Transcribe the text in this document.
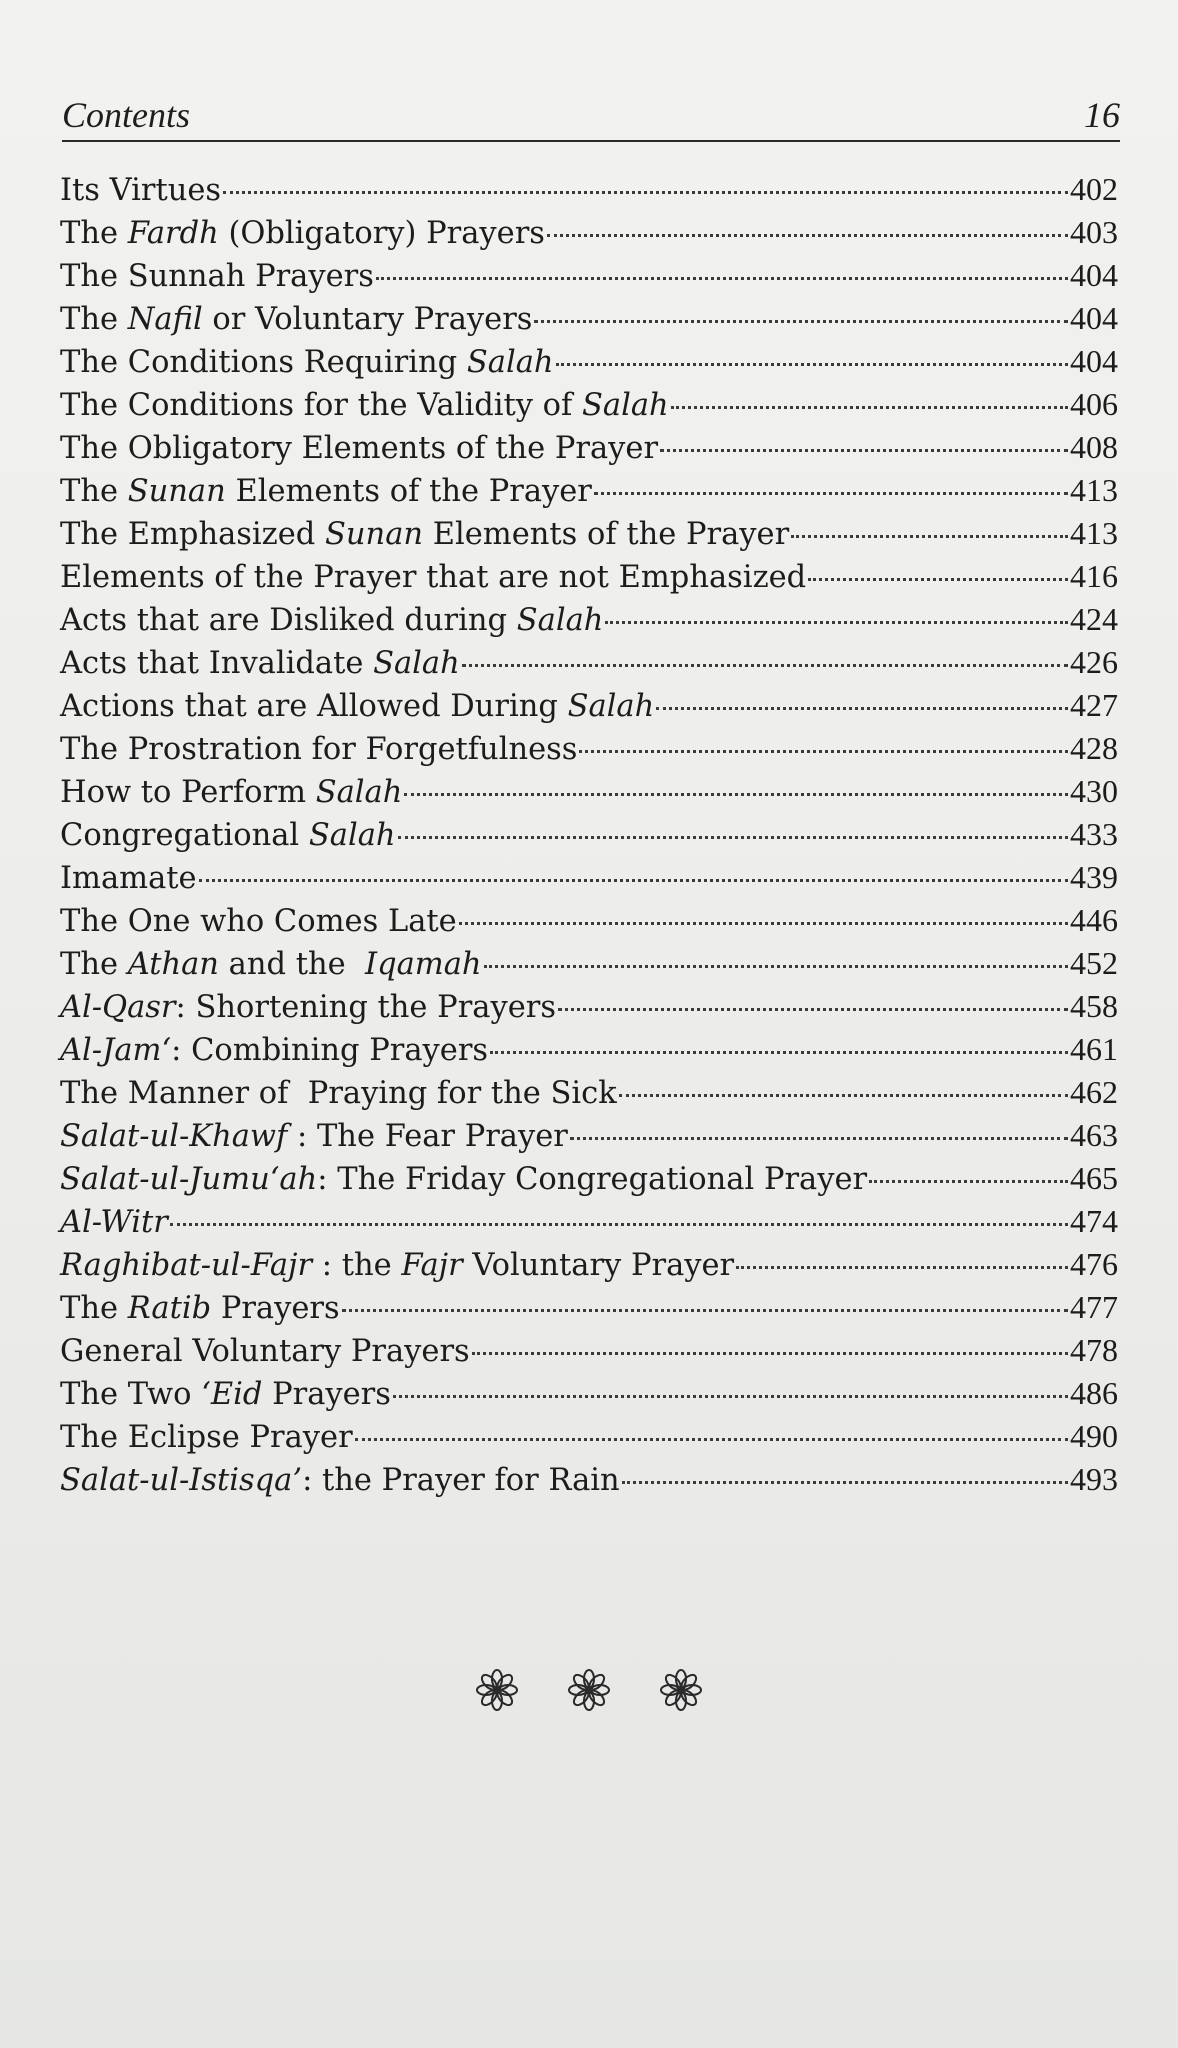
Contents	16
Its Virtues	402
The Fardh (Obligatory) Prayers	403
The Sunnah Prayers	404
The Nafil or Voluntary Prayers	404
The Conditions Requiring Salah	404
The Conditions for the Validity of Salah	406
The Obligatory Elements of the Prayer	408
The Sunan Elements of the Prayer	413
The Emphasized Sunan Elements of the Prayer	413
Elements of the Prayer that are not Emphasized	416
Acts that are Disliked during Salah	424
Acts that Invalidate Salah	426
Actions that are Allowed During Salah	427
The Prostration for Forgetfulness	428
How to Perform Salah	430
Congregational Salah	433
Imamate	439
The One who Comes Late	446
The Athan and the  Iqamah	452
Al-Qasr: Shortening the Prayers	458
Al-Jam‘: Combining Prayers	461
The Manner of  Praying for the Sick	462
Salat-ul-Khawf : The Fear Prayer	463
Salat-ul-Jumu‘ah: The Friday Congregational Prayer	465
Al-Witr	474
Raghibat-ul-Fajr : the Fajr Voluntary Prayer	476
The Ratib Prayers	477
General Voluntary Prayers	478
The Two ‘Eid Prayers	486
The Eclipse Prayer	490
Salat-ul-Istisqa’: the Prayer for Rain	493
